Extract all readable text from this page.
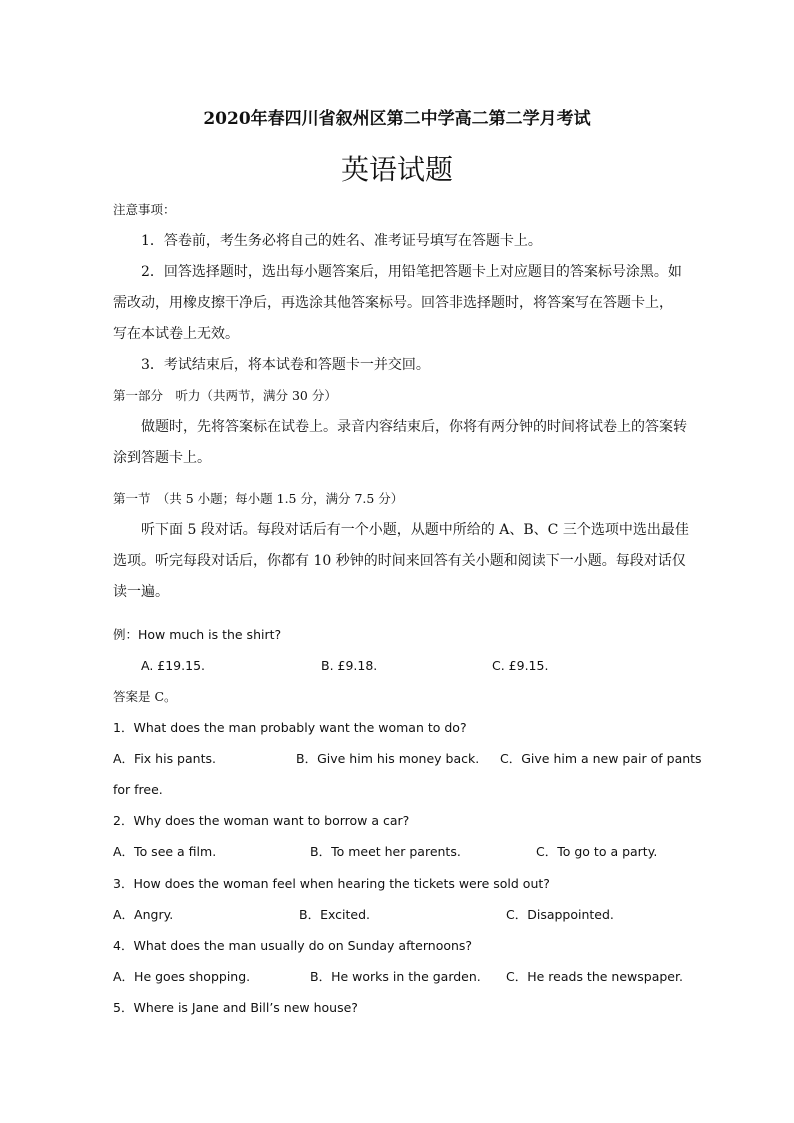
2020年春四川省叙州区第二中学高二第二学月考试
英语试题
注意事项：
1．答卷前，考生务必将自己的姓名、准考证号填写在答题卡上。
2．回答选择题时，选出每小题答案后，用铅笔把答题卡上对应题目的答案标号涂黑。如
需改动，用橡皮擦干净后，再选涂其他答案标号。回答非选择题时，将答案写在答题卡上，
写在本试卷上无效。
3．考试结束后，将本试卷和答题卡一并交回。
第一部分　听力（共两节，满分 30 分）
做题时，先将答案标在试卷上。录音内容结束后，你将有两分钟的时间将试卷上的答案转
涂到答题卡上。
第一节　（共 5 小题；每小题 1.5 分，满分 7.5 分）
听下面 5 段对话。每段对话后有一个小题，从题中所给的 A、B、C 三个选项中选出最佳
选项。听完每段对话后，你都有 10 秒钟的时间来回答有关小题和阅读下一小题。每段对话仅
读一遍。
例：How much is the shirt?
A. £19.15.	B. £9.18.	C. £9.15.
答案是 C。
1．What does the man probably want the woman to do?
A．Fix his pants.	B．Give him his money back. C．Give him a new pair of pants
for free.
2．Why does the woman want to borrow a car?
A．To see a film.	B．To meet her parents.	C．To go to a party.
3．How does the woman feel when hearing the tickets were sold out?
A．Angry.	B．Excited.	C．Disappointed.
4．What does the man usually do on Sunday afternoons?
A．He goes shopping.	B．He works in the garden. C．He reads the newspaper.
5．Where is Jane and Bill’s new house?
